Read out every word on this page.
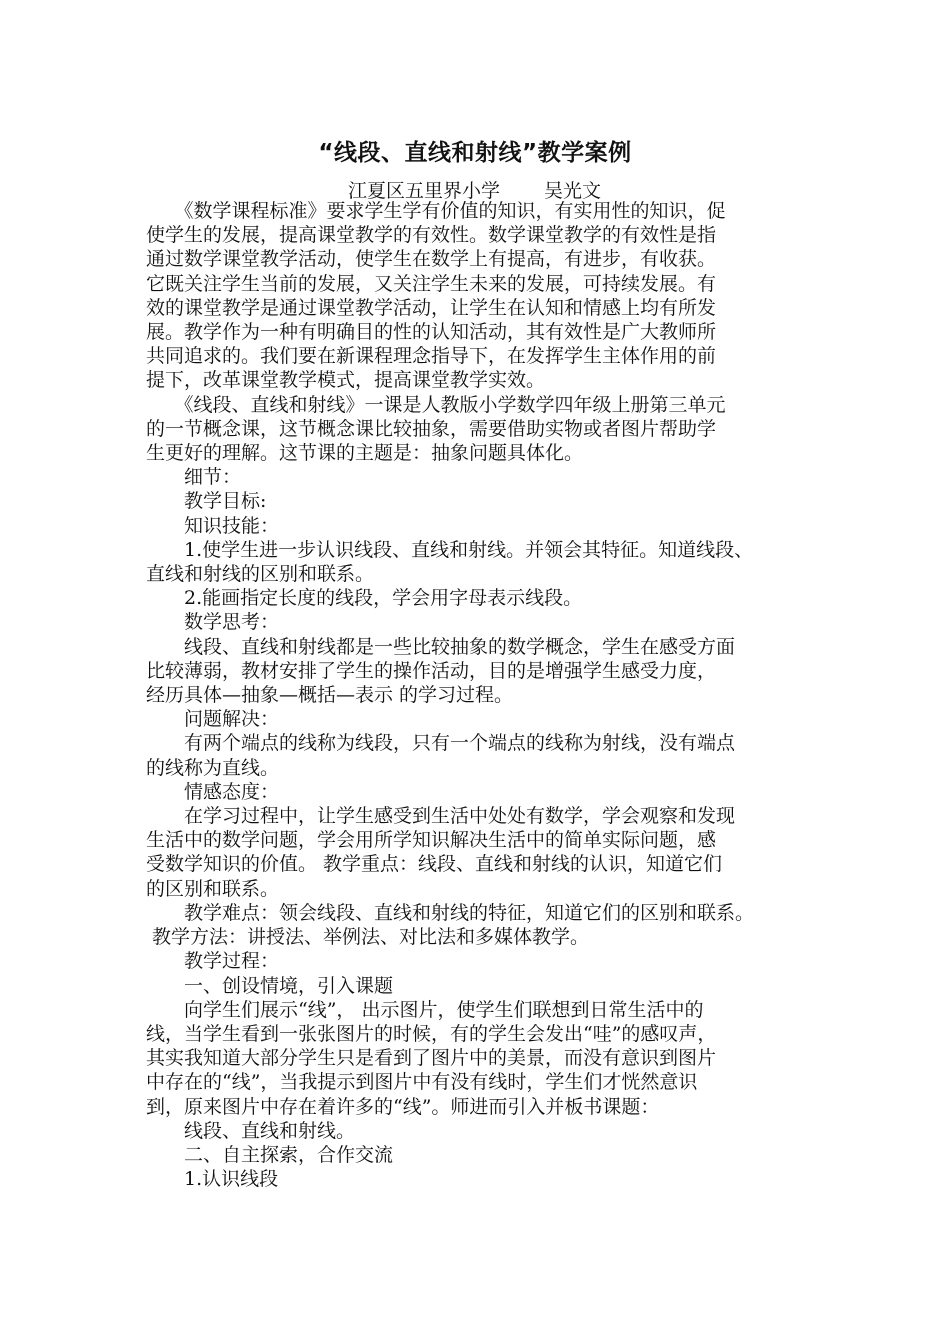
“线段、直线和射线”教学案例
江夏区五里界小学　　 吴光文

　　《数学课程标准》要求学生学有价值的知识，有实用性的知识，促

使学生的发展，提高课堂教学的有效性。数学课堂教学的有效性是指

通过数学课堂教学活动，使学生在数学上有提高，有进步，有收获。

它既关注学生当前的发展，又关注学生未来的发展，可持续发展。有

效的课堂教学是通过课堂教学活动，让学生在认知和情感上均有所发

展。教学作为一种有明确目的性的认知活动，其有效性是广大教师所

共同追求的。我们要在新课程理念指导下，在发挥学生主体作用的前

提下，改革课堂教学模式，提高课堂教学实效。

　　《线段、直线和射线》一课是人教版小学数学四年级上册第三单元

的一节概念课，这节概念课比较抽象，需要借助实物或者图片帮助学

生更好的理解。这节课的主题是：抽象问题具体化。

　　细节：

　　教学目标:

　　知识技能：

　　1.使学生进一步认识线段、直线和射线。并领会其特征。知道线段、

直线和射线的区别和联系。

　　2.能画指定长度的线段，学会用字母表示线段。

　　数学思考：

　　线段、直线和射线都是一些比较抽象的数学概念，学生在感受方面

比较薄弱，教材安排了学生的操作活动，目的是增强学生感受力度，

经历具体—抽象—概括—表示 的学习过程。

　　问题解决：

　　有两个端点的线称为线段，只有一个端点的线称为射线，没有端点

的线称为直线。

　　情感态度：

　　在学习过程中，让学生感受到生活中处处有数学，学会观察和发现

生活中的数学问题，学会用所学知识解决生活中的简单实际问题，感

受数学知识的价值。 教学重点：线段、直线和射线的认识，知道它们

的区别和联系。

　　教学难点：领会线段、直线和射线的特征，知道它们的区别和联系。

教学方法：讲授法、举例法、对比法和多媒体教学。

　　教学过程：

　　一、创设情境，引入课题

　　向学生们展示“线”， 出示图片，使学生们联想到日常生活中的

线，当学生看到一张张图片的时候，有的学生会发出“哇”的感叹声，

其实我知道大部分学生只是看到了图片中的美景，而没有意识到图片

中存在的“线”，当我提示到图片中有没有线时，学生们才恍然意识

到，原来图片中存在着许多的“线”。师进而引入并板书课题：

　　线段、直线和射线。

　　二、自主探索，合作交流

　　1.认识线段
